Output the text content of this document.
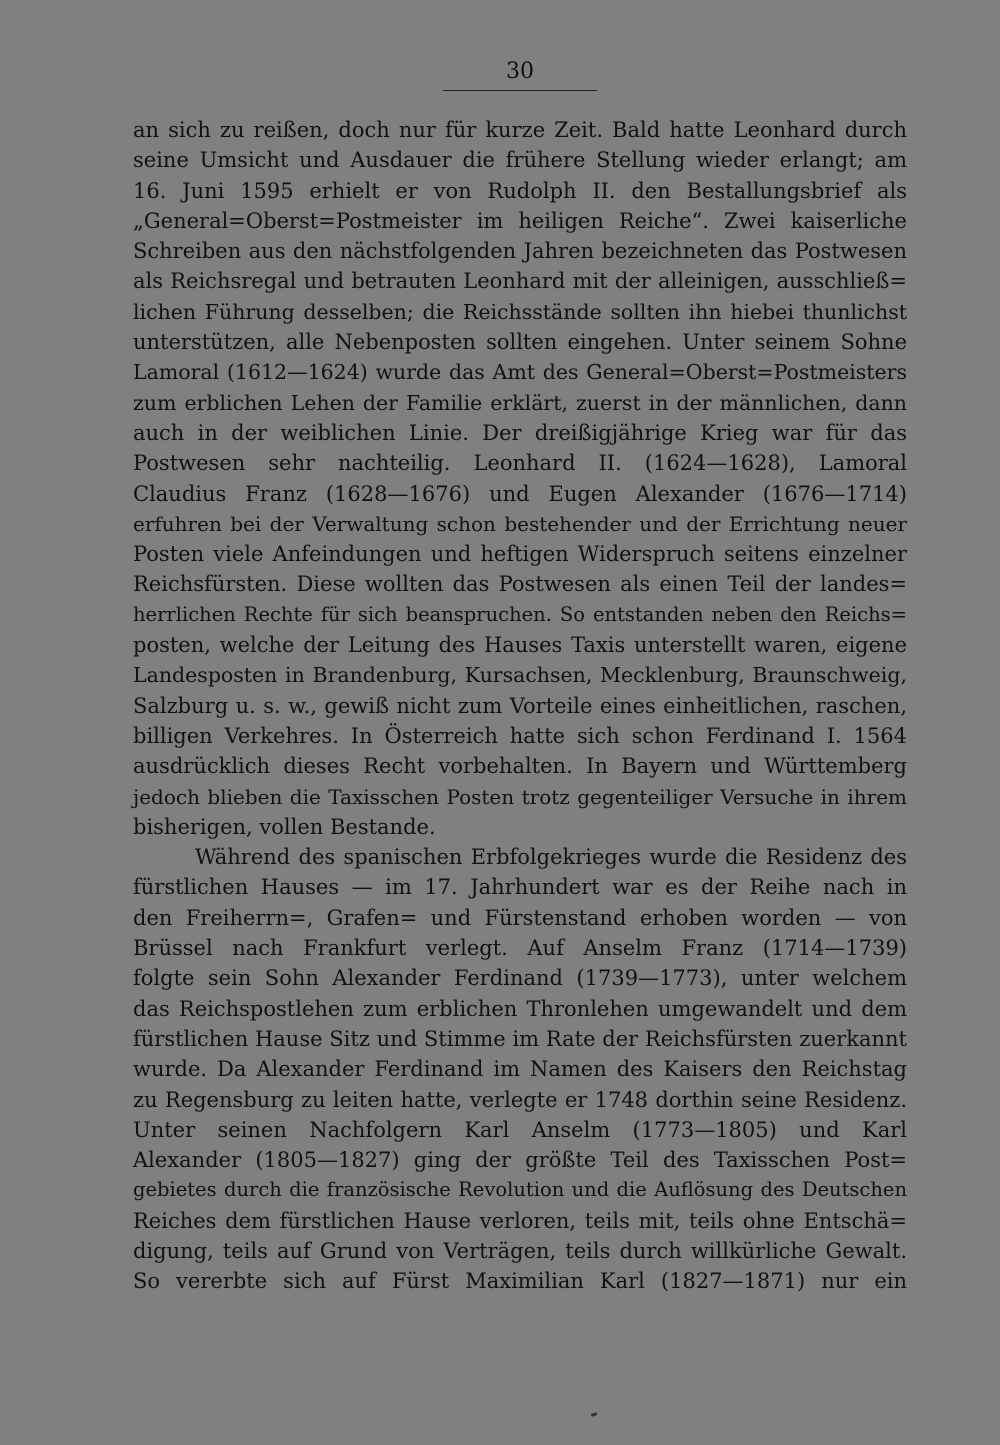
30
an sich zu reißen, doch nur für kurze Zeit. Bald hatte Leonhard durch
seine Umsicht und Ausdauer die frühere Stellung wieder erlangt; am
16. Juni 1595 erhielt er von Rudolph II. den Bestallungsbrief als
„General=Oberst=Postmeister im heiligen Reiche“. Zwei kaiserliche
Schreiben aus den nächstfolgenden Jahren bezeichneten das Postwesen
als Reichsregal und betrauten Leonhard mit der alleinigen, ausschließ=
lichen Führung desselben; die Reichsstände sollten ihn hiebei thunlichst
unterstützen, alle Nebenposten sollten eingehen. Unter seinem Sohne
Lamoral (1612—1624) wurde das Amt des General=Oberst=Postmeisters
zum erblichen Lehen der Familie erklärt, zuerst in der männlichen, dann
auch in der weiblichen Linie. Der dreißigjährige Krieg war für das
Postwesen sehr nachteilig. Leonhard II. (1624—1628), Lamoral
Claudius Franz (1628—1676) und Eugen Alexander (1676—1714)
erfuhren bei der Verwaltung schon bestehender und der Errichtung neuer
Posten viele Anfeindungen und heftigen Widerspruch seitens einzelner
Reichsfürsten. Diese wollten das Postwesen als einen Teil der landes=
herrlichen Rechte für sich beanspruchen. So entstanden neben den Reichs=
posten, welche der Leitung des Hauses Taxis unterstellt waren, eigene
Landesposten in Brandenburg, Kursachsen, Mecklenburg, Braunschweig,
Salzburg u. s. w., gewiß nicht zum Vorteile eines einheitlichen, raschen,
billigen Verkehres. In Österreich hatte sich schon Ferdinand I. 1564
ausdrücklich dieses Recht vorbehalten. In Bayern und Württemberg
jedoch blieben die Taxisschen Posten trotz gegenteiliger Versuche in ihrem
bisherigen, vollen Bestande.
Während des spanischen Erbfolgekrieges wurde die Residenz des
fürstlichen Hauses — im 17. Jahrhundert war es der Reihe nach in
den Freiherrn=, Grafen= und Fürstenstand erhoben worden — von
Brüssel nach Frankfurt verlegt. Auf Anselm Franz (1714—1739)
folgte sein Sohn Alexander Ferdinand (1739—1773), unter welchem
das Reichspostlehen zum erblichen Thronlehen umgewandelt und dem
fürstlichen Hause Sitz und Stimme im Rate der Reichsfürsten zuerkannt
wurde. Da Alexander Ferdinand im Namen des Kaisers den Reichstag
zu Regensburg zu leiten hatte, verlegte er 1748 dorthin seine Residenz.
Unter seinen Nachfolgern Karl Anselm (1773—1805) und Karl
Alexander (1805—1827) ging der größte Teil des Taxisschen Post=
gebietes durch die französische Revolution und die Auflösung des Deutschen
Reiches dem fürstlichen Hause verloren, teils mit, teils ohne Entschä=
digung, teils auf Grund von Verträgen, teils durch willkürliche Gewalt.
So vererbte sich auf Fürst Maximilian Karl (1827—1871) nur ein
